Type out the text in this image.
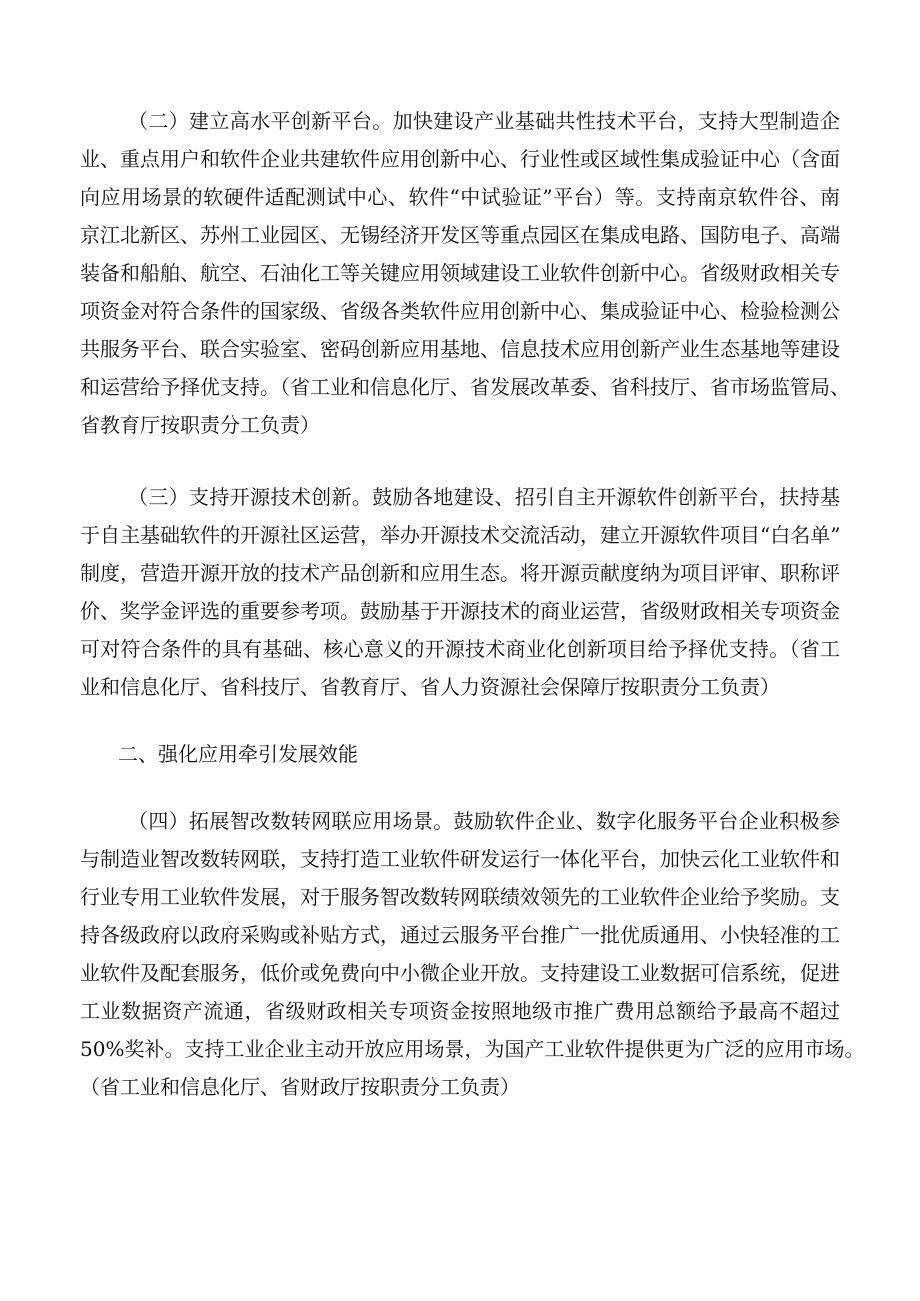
（二）建立高水平创新平台。加快建设产业基础共性技术平台，支持大型制造企
业、重点用户和软件企业共建软件应用创新中心、行业性或区域性集成验证中心（含面
向应用场景的软硬件适配测试中心、软件“中试验证”平台）等。支持南京软件谷、南
京江北新区、苏州工业园区、无锡经济开发区等重点园区在集成电路、国防电子、高端
装备和船舶、航空、石油化工等关键应用领域建设工业软件创新中心。省级财政相关专
项资金对符合条件的国家级、省级各类软件应用创新中心、集成验证中心、检验检测公
共服务平台、联合实验室、密码创新应用基地、信息技术应用创新产业生态基地等建设
和运营给予择优支持。（省工业和信息化厅、省发展改革委、省科技厅、省市场监管局、
省教育厅按职责分工负责）
（三）支持开源技术创新。鼓励各地建设、招引自主开源软件创新平台，扶持基
于自主基础软件的开源社区运营，举办开源技术交流活动，建立开源软件项目“白名单”
制度，营造开源开放的技术产品创新和应用生态。将开源贡献度纳为项目评审、职称评
价、奖学金评选的重要参考项。鼓励基于开源技术的商业运营，省级财政相关专项资金
可对符合条件的具有基础、核心意义的开源技术商业化创新项目给予择优支持。（省工
业和信息化厅、省科技厅、省教育厅、省人力资源社会保障厅按职责分工负责）
二、强化应用牵引发展效能
（四）拓展智改数转网联应用场景。鼓励软件企业、数字化服务平台企业积极参
与制造业智改数转网联，支持打造工业软件研发运行一体化平台，加快云化工业软件和
行业专用工业软件发展，对于服务智改数转网联绩效领先的工业软件企业给予奖励。支
持各级政府以政府采购或补贴方式，通过云服务平台推广一批优质通用、小快轻准的工
业软件及配套服务，低价或免费向中小微企业开放。支持建设工业数据可信系统，促进
工业数据资产流通，省级财政相关专项资金按照地级市推广费用总额给予最高不超过
50%奖补。支持工业企业主动开放应用场景，为国产工业软件提供更为广泛的应用市场。
（省工业和信息化厅、省财政厅按职责分工负责）
